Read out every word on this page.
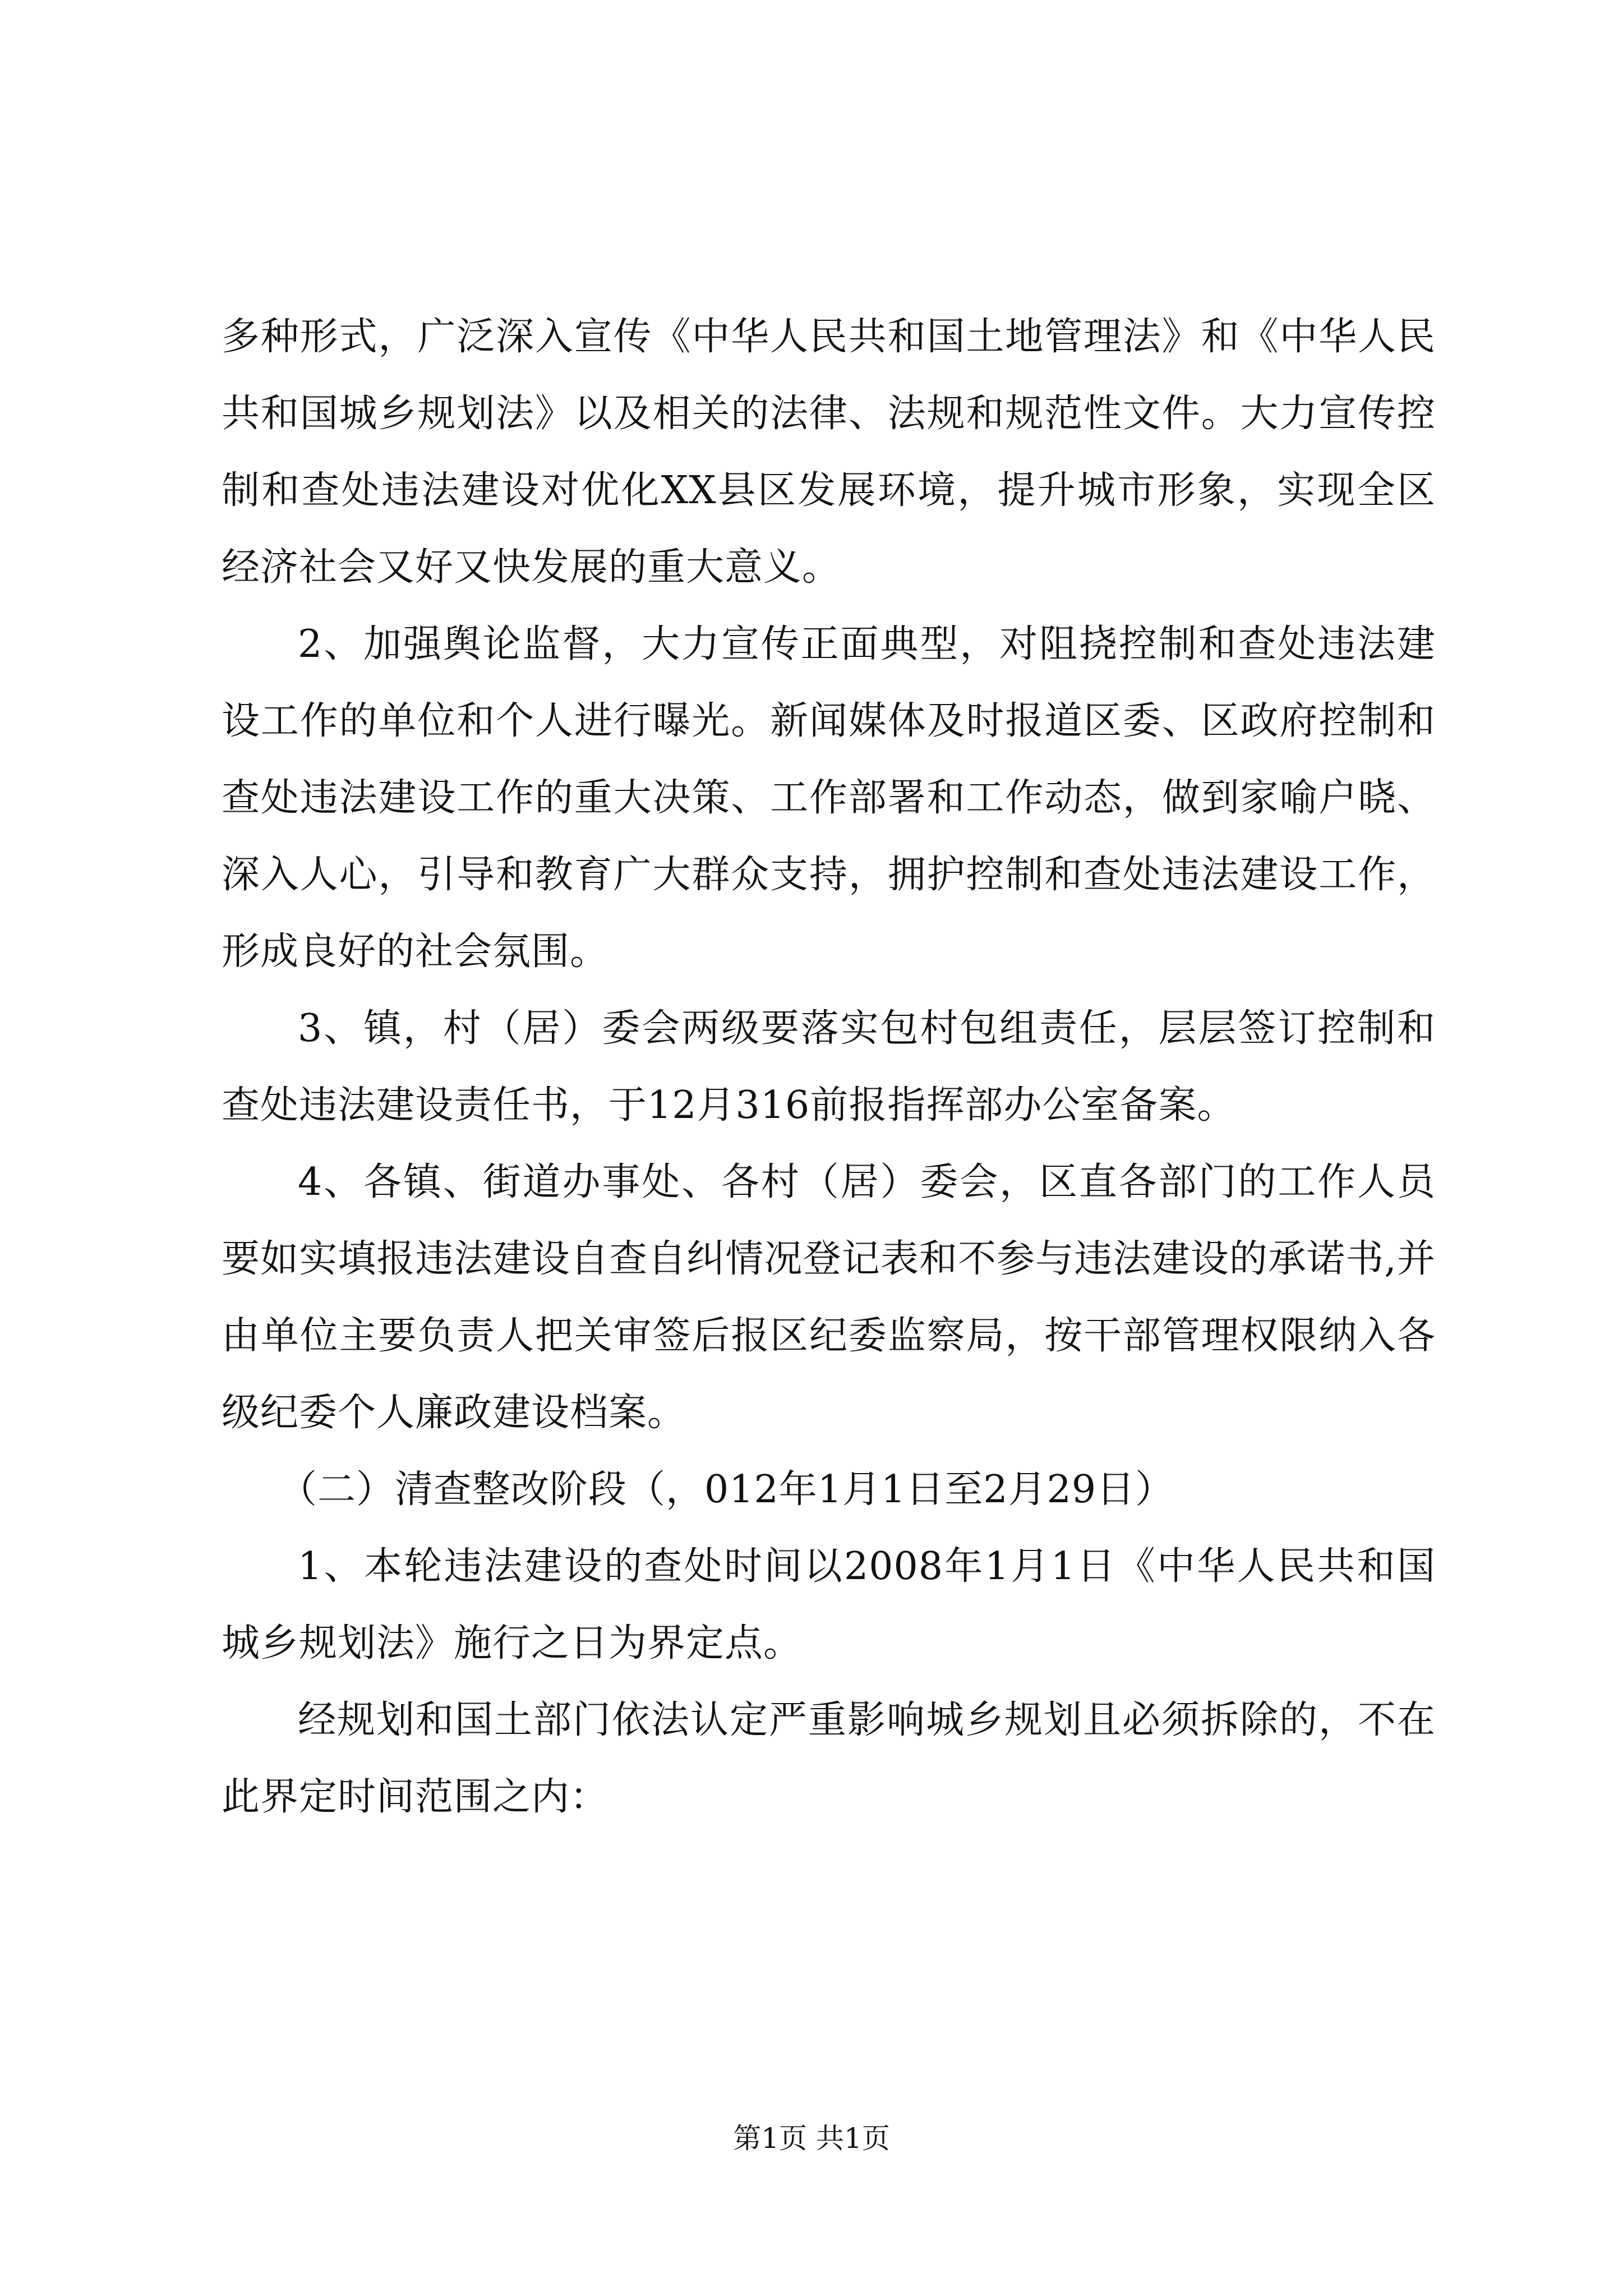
多种形式，广泛深入宣传《中华人民共和国土地管理法》和《中华人民共和国城乡规划法》以及相关的法律、法规和规范性文件。大力宣传控制和查处违法建设对优化XX县区发展环境，提升城市形象，实现全区经济社会又好又快发展的重大意义。

2、加强舆论监督，大力宣传正面典型，对阻挠控制和查处违法建设工作的单位和个人进行曝光。新闻媒体及时报道区委、区政府控制和查处违法建设工作的重大决策、工作部署和工作动态，做到家喻户晓、深入人心，引导和教育广大群众支持，拥护控制和查处违法建设工作，形成良好的社会氛围。

3、镇，村（居）委会两级要落实包村包组责任，层层签订控制和查处违法建设责任书，于12月316前报指挥部办公室备案。

4、各镇、街道办事处、各村（居）委会，区直各部门的工作人员要如实填报违法建设自查自纠情况登记表和不参与违法建设的承诺书,并由单位主要负责人把关审签后报区纪委监察局，按干部管理权限纳入各级纪委个人廉政建设档案。

（二）清查整改阶段（，012年1月1日至2月29日）

1、本轮违法建设的查处时间以2008年1月1日《中华人民共和国城乡规划法》施行之日为界定点。

经规划和国土部门依法认定严重影响城乡规划且必须拆除的，不在此界定时间范围之内：

第1页 共1页
